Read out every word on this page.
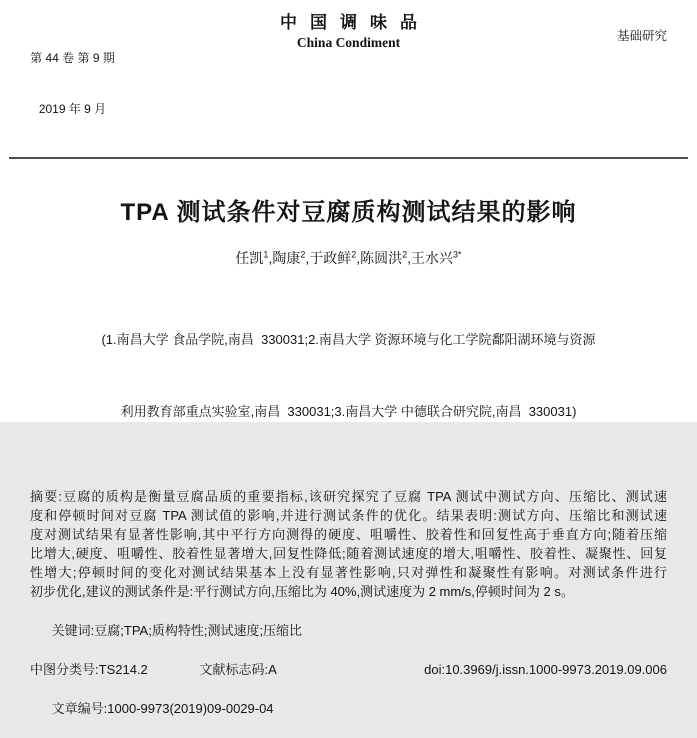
第 44 卷 第 9 期

2019 年 9 月

中国调味品
China Condiment	基础研究
TPA 测试条件对豆腐质构测试结果的影响
任凯$^1$,陶康$^2$,于政鲜$^2$,陈圆洪$^2$,王水兴$^{3*}$

(1.南昌大学 食品学院,南昌  330031;2.南昌大学 资源环境与化工学院鄱阳湖环境与资源

利用教育部重点实验室,南昌  330031;3.南昌大学 中德联合研究院,南昌  330031)

摘要:豆腐的质构是衡量豆腐品质的重要指标,该研究探究了豆腐 TPA 测试中测试方向、压缩比、测试速
度和停顿时间对豆腐 TPA 测试值的影响,并进行测试条件的优化。结果表明:测试方向、压缩比和测试速
度对测试结果有显著性影响,其中平行方向测得的硬度、咀嚼性、胶着性和回复性高于垂直方向;随着压缩
比增大,硬度、咀嚼性、胶着性显著增大,回复性降低;随着测试速度的增大,咀嚼性、胶着性、凝聚性、回复
性增大;停顿时间的变化对测试结果基本上没有显著性影响,只对弹性和凝聚性有影响。对测试条件进行
初步优化,建议的测试条件是:平行测试方向,压缩比为 40%,测试速度为 2 mm/s,停顿时间为 2 s。

关键词:豆腐;TPA;质构特性;测试速度;压缩比

中图分类号:TS214.2	文献标志码:A	doi:10.3969/j.issn.1000-9973.2019.09.006

文章编号:1000-9973(2019)09-0029-04
